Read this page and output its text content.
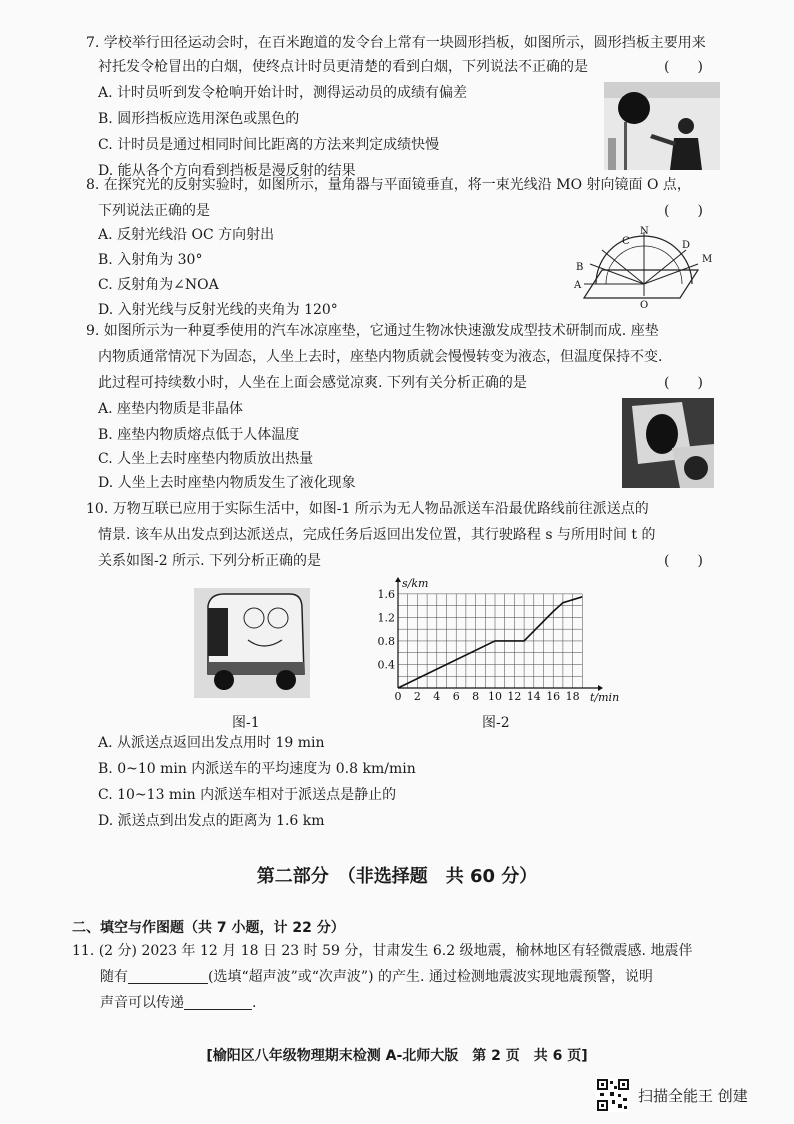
7. 学校举行田径运动会时，在百米跑道的发令台上常有一块圆形挡板，如图所示，圆形挡板主要用来
衬托发令枪冒出的白烟，使终点计时员更清楚的看到白烟，下列说法不正确的是	(　　)
A. 计时员听到发令枪响开始计时，测得运动员的成绩有偏差
B. 圆形挡板应选用深色或黑色的
C. 计时员是通过相同时间比距离的方法来判定成绩快慢
D. 能从各个方向看到挡板是漫反射的结果
8. 在探究光的反射实验时，如图所示，量角器与平面镜垂直，将一束光线沿 MO 射向镜面 O 点，
下列说法正确的是	(　　)
A. 反射光线沿 OC 方向射出
B. 入射角为 30°
C. 反射角为∠NOA
D. 入射光线与反射光线的夹角为 120°
C
N
D
M
B
A
O
9. 如图所示为一种夏季使用的汽车冰凉座垫，它通过生物冰快速激发成型技术研制而成. 座垫
内物质通常情况下为固态，人坐上去时，座垫内物质就会慢慢转变为液态，但温度保持不变.
此过程可持续数小时，人坐在上面会感觉凉爽. 下列有关分析正确的是	(　　)
A. 座垫内物质是非晶体
B. 座垫内物质熔点低于人体温度
C. 人坐上去时座垫内物质放出热量
D. 人坐上去时座垫内物质发生了液化现象
10. 万物互联已应用于实际生活中，如图-1 所示为无人物品派送车沿最优路线前往派送点的
情景. 该车从出发点到达派送点，完成任务后返回出发位置，其行驶路程 s 与所用时间 t 的
关系如图-2 所示. 下列分析正确的是	(　　)
图-1
0 2 4 6 8 10 12 14 16 18
0.4
0.8
1.2
1.6
s/km
t/min
图-2
A. 从派送点返回出发点用时 19 min
B. 0~10 min 内派送车的平均速度为 0.8 km/min
C. 10~13 min 内派送车相对于派送点是静止的
D. 派送点到出发点的距离为 1.6 km
第二部分　（非选择题　共 60 分）
二、填空与作图题（共 7 小题，计 22 分）
11. (2 分) 2023 年 12 月 18 日 23 时 59 分，甘肃发生 6.2 级地震，榆林地区有轻微震感. 地震伴
随有	(选填“超声波”或“次声波”) 的产生. 通过检测地震波实现地震预警，说明
声音可以传递	.
[榆阳区八年级物理期末检测 A-北师大版　第 2 页　共 6 页]
扫描全能王 创建
